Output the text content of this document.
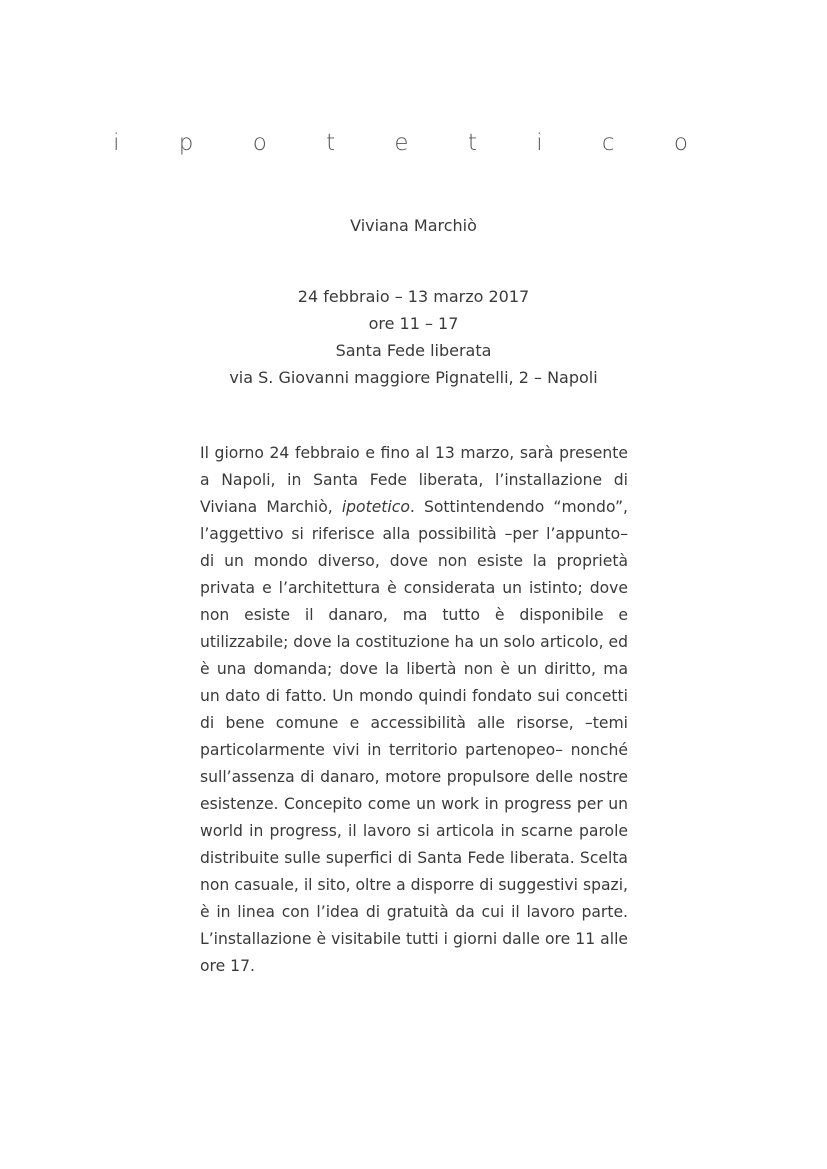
i p o t e t i c o
Viviana Marchiò
24 febbraio – 13 marzo 2017
ore 11 – 17
Santa Fede liberata
via S. Giovanni maggiore Pignatelli, 2 – Napoli

Il giorno 24 febbraio e fino al 13 marzo, sarà presente a Napoli, in Santa Fede liberata, l’installazione di Viviana Marchiò, ipotetico. Sottintendendo “mondo”, l’aggettivo si riferisce alla possibilità –per l’appunto– di un mondo diverso, dove non esiste la proprietà privata e l’architettura è considerata un istinto; dove non esiste il danaro, ma tutto è disponibile e utilizzabile; dove la costituzione ha un solo articolo, ed è una domanda; dove la libertà non è un diritto, ma un dato di fatto. Un mondo quindi fondato sui concetti di bene comune e accessibilità alle risorse, –temi particolarmente vivi in territorio partenopeo– nonché sull’assenza di danaro, motore propulsore delle nostre esistenze. Concepito come un work in progress per un world in progress, il lavoro si articola in scarne parole distribuite sulle superfici di Santa Fede liberata. Scelta non casuale, il sito, oltre a disporre di suggestivi spazi, è in linea con l’idea di gratuità da cui il lavoro parte. L’installazione è visitabile tutti i giorni dalle ore 11 alle ore 17.
